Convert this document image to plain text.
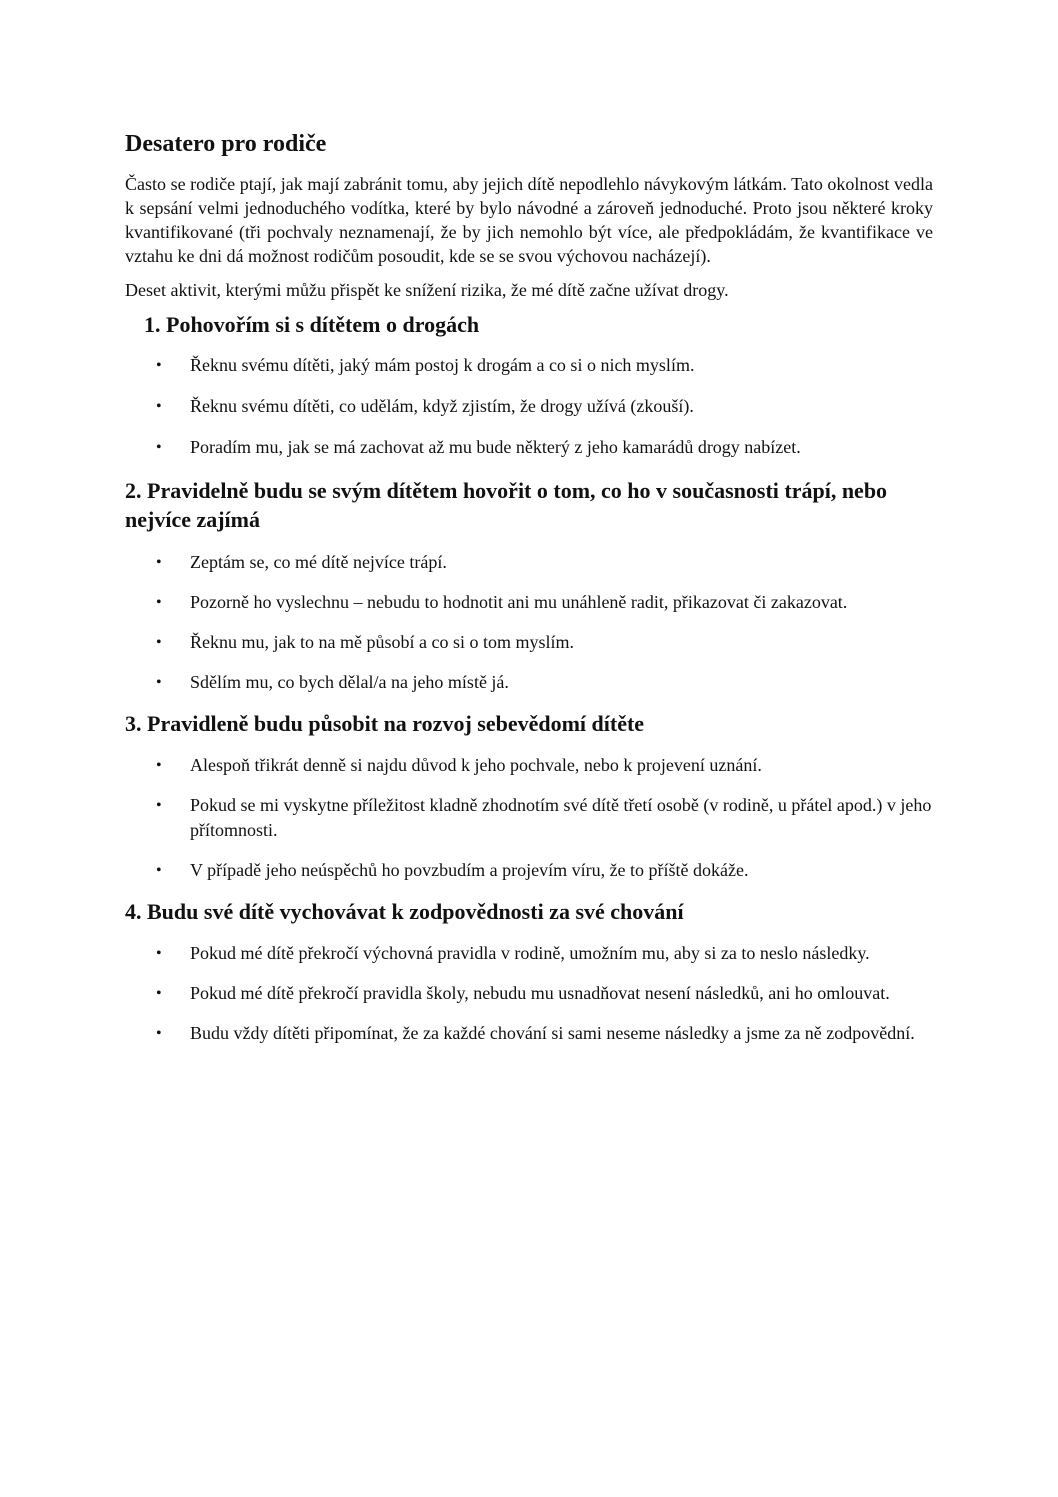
Desatero pro rodiče

Často se rodiče ptají, jak mají zabránit tomu, aby jejich dítě nepodlehlo návykovým látkám. Tato okolnost vedla k sepsání velmi jednoduchého vodítka, které by bylo návodné a zároveň jednoduché. Proto jsou některé kroky kvantifikované (tři pochvaly neznamenají, že by jich nemohlo být více, ale předpokládám, že kvantifikace ve vztahu ke dni dá možnost rodičům posoudit, kde se se svou výchovou nacházejí).

Deset aktivit, kterými můžu přispět ke snížení rizika, že mé dítě začne užívat drogy.

1. Pohovořím si s dítětem o drogách
• Řeknu svému dítěti, jaký mám postoj k drogám a co si o nich myslím.
• Řeknu svému dítěti, co udělám, když zjistím, že drogy užívá (zkouší).
• Poradím mu, jak se má zachovat až mu bude některý z jeho kamarádů drogy nabízet.
2. Pravidelně budu se svým dítětem hovořit o tom, co ho v současnosti trápí, nebo nejvíce zajímá
• Zeptám se, co mé dítě nejvíce trápí.
• Pozorně ho vyslechnu – nebudu to hodnotit ani mu unáhleně radit, přikazovat či zakazovat.
• Řeknu mu, jak to na mě působí a co si o tom myslím.
• Sdělím mu, co bych dělal/a na jeho místě já.
3. Pravidleně budu působit na rozvoj sebevědomí dítěte
• Alespoň třikrát denně si najdu důvod k jeho pochvale, nebo k projevení uznání.
• Pokud se mi vyskytne příležitost kladně zhodnotím své dítě třetí osobě (v rodině, u přátel apod.) v jeho přítomnosti.
• V případě jeho neúspěchů ho povzbudím a projevím víru, že to příště dokáže.
4. Budu své dítě vychovávat k zodpovědnosti za své chování
• Pokud mé dítě překročí výchovná pravidla v rodině, umožním mu, aby si za to neslo následky.
• Pokud mé dítě překročí pravidla školy, nebudu mu usnadňovat nesení následků, ani ho omlouvat.
• Budu vždy dítěti připomínat, že za každé chování si sami neseme následky a jsme za ně zodpovědní.
